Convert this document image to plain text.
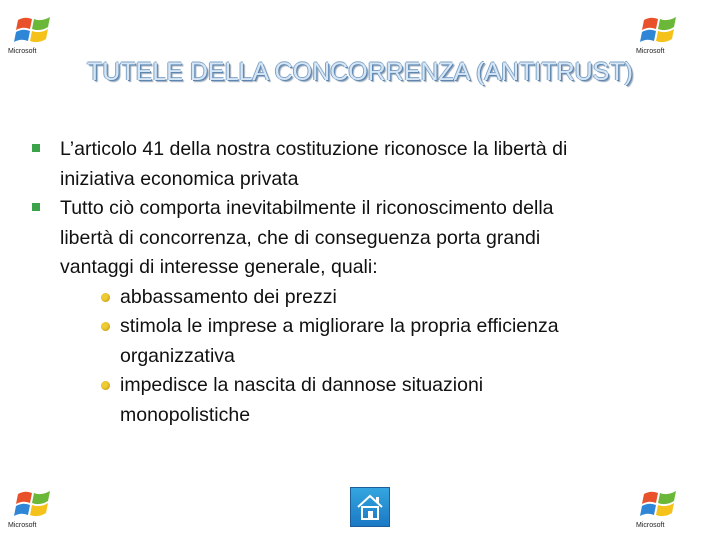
Microsoft	Microsoft
Microsoft	Microsoft
TUTELE DELLA CONCORRENZA (ANTITRUST)
L’articolo 41 della nostra costituzione riconosce la libertà di
iniziativa economica privata
Tutto ciò comporta inevitabilmente il riconoscimento della
libertà di concorrenza, che di conseguenza porta grandi
vantaggi di interesse generale, quali:
abbassamento dei prezzi
stimola le imprese a migliorare la propria efficienza
organizzativa
impedisce la nascita di dannose situazioni
monopolistiche
